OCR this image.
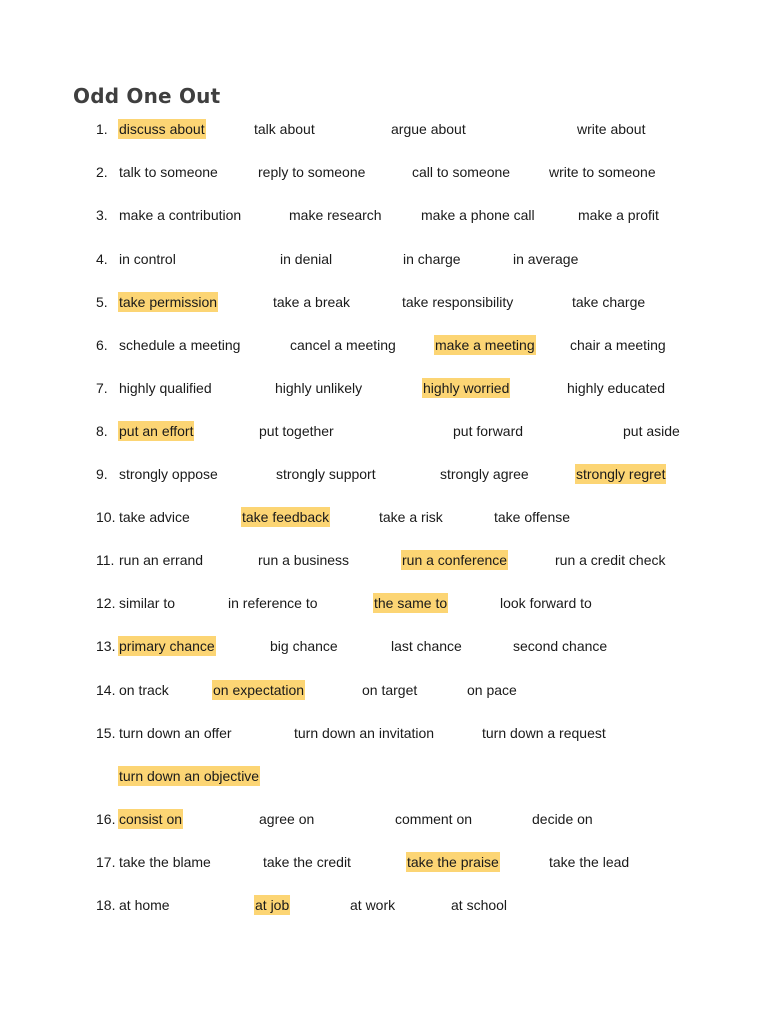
Odd One Out
1. discuss about	talk about	argue about	write about
2. talk to someone	reply to someone	call to someone	write to someone
3. make a contribution	make research	make a phone call	make a profit
4. in control	in denial	in charge	in average
5. take permission	take a break	take responsibility	take charge
6. schedule a meeting	cancel a meeting	make a meeting	chair a meeting
7. highly qualified	highly unlikely	highly worried	highly educated
8. put an effort	put together	put forward	put aside
9. strongly oppose	strongly support	strongly agree	strongly regret
10. take advice	take feedback	take a risk	take offense
11. run an errand	run a business	run a conference	run a credit check
12. similar to	in reference to	the same to	look forward to
13. primary chance	big chance	last chance	second chance
14. on track	on expectation	on target	on pace
15. turn down an offer	turn down an invitation	turn down a request
turn down an objective
16. consist on	agree on	comment on	decide on
17. take the blame	take the credit	take the praise	take the lead
18. at home	at job	at work	at school
